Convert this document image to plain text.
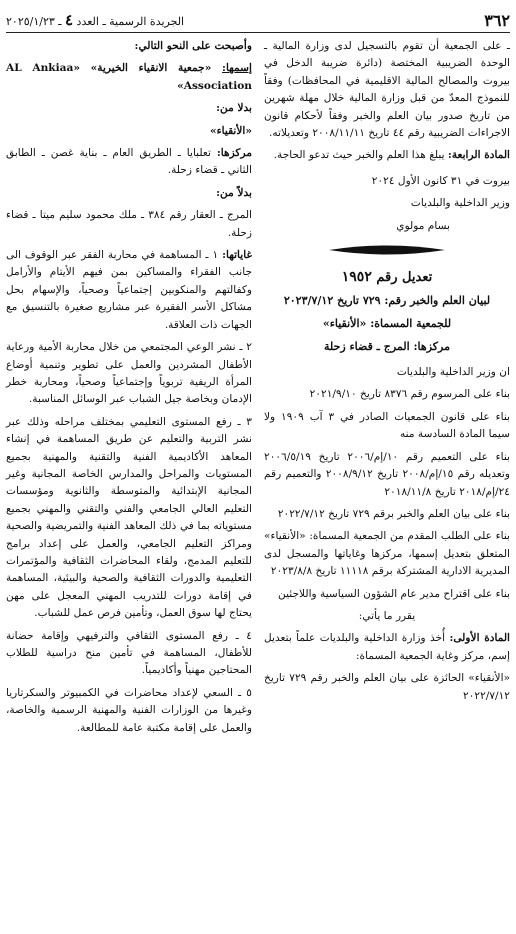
٣٦٢
الجريدة الرسمية ـ العدد ٤ ـ ٢٠٢٥/١/٢٣

ـ على الجمعية أن تقوم بالتسجيل لدى وزارة المالية ـ الوحدة الضريبية المختصة (دائرة ضريبة الدخل في بيروت والمصالح المالية الاقليمية في المحافظات) وفقاً للنموذج المعدّ من قبل وزارة المالية خلال مهلة شهرين من تاريخ صدور بيان العلم والخبر وفقاً لأحكام قانون الاجراءات الضريبية رقم ٤٤ تاريخ ٢٠٠٨/١١/١١ وتعديلاته.

المادة الرابعة: يبلغ هذا العلم والخبر حيث تدعو الحاجة.

بيروت في ٣١ كانون الأول ٢٠٢٤

وزير الداخلية والبلديات

بسام مولوي

تعديل رقم ١٩٥٢

لبيان العلم والخبر رقم: ٧٢٩ تاريخ ٢٠٢٣/٧/١٢

للجمعية المسماة: «الأنقياء»

مركزها: المرج ـ قضاء زحلة

ان وزير الداخلية والبلديات

بناء على المرسوم رقم ٨٣٧٦ تاريخ ٢٠٢١/٩/١٠

بناء على قانون الجمعيات الصادر في ٣ آب ١٩٠٩ ولا سيما المادة السادسة منه

بناء على التعميم رقم ١٠/إم/٢٠٠٦ تاريخ ٢٠٠٦/٥/١٩ وتعديله رقم ١٥/إم/٢٠٠٨ تاريخ ٢٠٠٨/٩/١٢ والتعميم رقم ٢٤/إم/٢٠١٨ تاريخ ٢٠١٨/١١/٨

بناء على بيان العلم والخبر برقم ٧٢٩ تاريخ ٢٠٢٢/٧/١٢

بناء على الطلب المقدم من الجمعية المسماة: «الأنقياء» المتعلق بتعديل إسمها، مركزها وغاياتها والمسجل لدى المديرية الادارية المشتركة برقم ١١١١٨ تاريخ ٢٠٢٣/٨/٨

بناء على اقتراح مدير عام الشؤون السياسية واللاجئين

يقرر ما يأتي:

المادة الأولى: أُخذ وزارة الداخلية والبلديات علماً بتعديل إسم، مركز وغاية الجمعية المسماة:

«الأنقياء» الحائزة على بيان العلم والخبر رقم ٧٢٩ تاريخ ٢٠٢٢/٧/١٢

وأصبحت على النحو التالي:

إسمها: «جمعية الانقياء الخيرية» «AL Ankiaa Association»

بدلا من:

«الأنقياء»

مركزها: تعلبايا ـ الطريق العام ـ بناية غصن ـ الطابق الثاني ـ قضاء زحلة.

بدلاً من:

المرج ـ العقار رقم ٣٨٤ ـ ملك محمود سليم ميتا ـ قضاء زحلة.

غاياتها: ١ ـ المساهمة في محاربة الفقر عبر الوقوف الى جانب الفقراء والمساكين بمن فيهم الأيتام والأرامل وكفالتهم والمنكوبين إجتماعياً وصحياً، والإسهام بحل مشاكل الأسر الفقيرة عبر مشاريع صغيرة بالتنسيق مع الجهات ذات العلاقة.

٢ ـ نشر الوعي المجتمعي من خلال محاربة الأمية ورعاية الأطفال المشردين والعمل على تطوير وتنمية أوضاع المرأة الريفية تربوياً وإجتماعياً وصحياً، ومحاربة خطر الإدمان وبخاصة جيل الشباب عبر الوسائل المناسبة.

٣ ـ رفع المستوى التعليمي بمختلف مراحله وذلك عبر نشر التربية والتعليم عن طريق المساهمة في إنشاء المعاهد الأكاديمية الفنية والتقنية والمهنية بجميع المستويات والمراحل والمدارس الخاصة المجانية وغير المجانية الإبتدائية والمتوسطة والثانوية ومؤسسات التعليم العالي الجامعي والفني والتقني والمهني بجميع مستوياته بما في ذلك المعاهد الفنية والتمريضية والصحية ومراكز التعليم الجامعي، والعمل على إعداد برامج للتعليم المدمج، ولقاء المحاضرات الثقافية والمؤتمرات التعليمية والدورات الثقافية والصحية والبيئية، المساهمة في إقامة دورات للتدريب المهني المعجل على مهن يحتاج لها سوق العمل، وتأمين فرص عمل للشباب.

٤ ـ رفع المستوى الثقافي والترفيهي وإقامة حضانة للأطفال، المساهمة في تأمين منح دراسية للطلاب المحتاجين مهنياً وأكاديمياً.

٥ ـ السعي لإعداد محاضرات في الكمبيوتر والسكرتاريا وغيرها من الوزارات الفنية والمهنية الرسمية والخاصة، والعمل على إقامة مكتبة عامة للمطالعة.
